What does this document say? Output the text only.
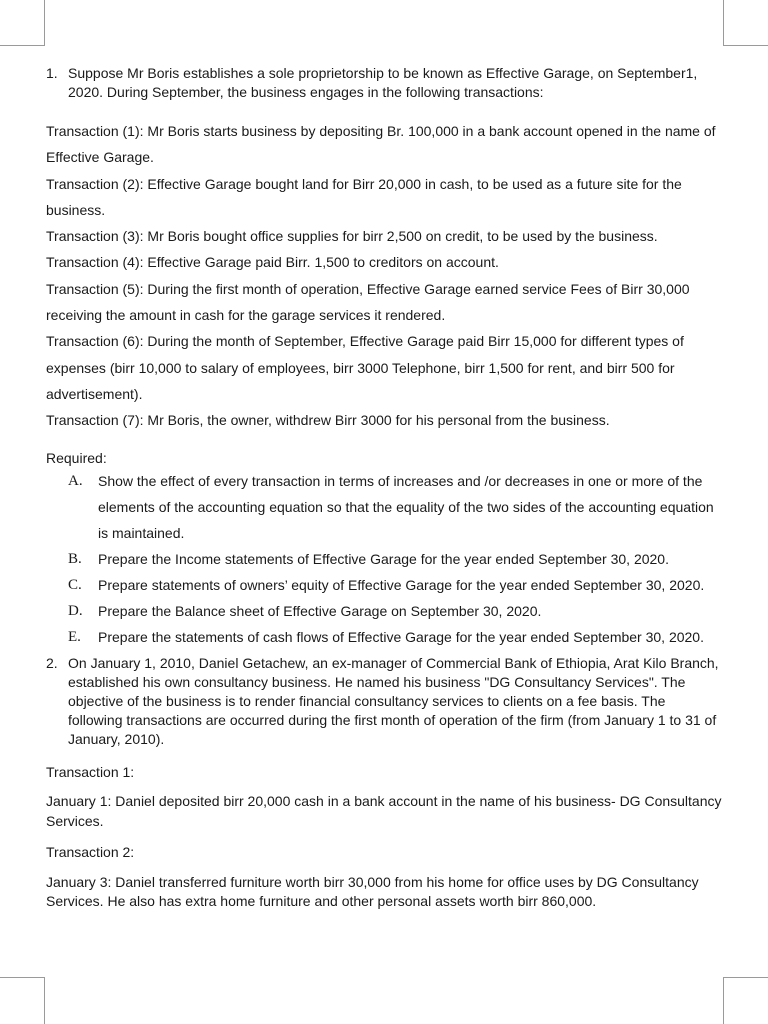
1. Suppose Mr Boris establishes a sole proprietorship to be known as Effective Garage, on September1, 2020. During September, the business engages in the following transactions:
Transaction (1): Mr Boris starts business by depositing Br. 100,000 in a bank account opened in the name of Effective Garage.
Transaction (2): Effective Garage bought land for Birr 20,000 in cash, to be used as a future site for the business.
Transaction (3): Mr Boris bought office supplies for birr 2,500 on credit, to be used by the business.
Transaction (4): Effective Garage paid Birr. 1,500 to creditors on account.
Transaction (5): During the first month of operation, Effective Garage earned service Fees of Birr 30,000 receiving the amount in cash for the garage services it rendered.
Transaction (6): During the month of September, Effective Garage paid Birr 15,000 for different types of expenses (birr 10,000 to salary of employees, birr 3000 Telephone, birr 1,500 for rent, and birr 500 for advertisement).
Transaction (7): Mr Boris, the owner, withdrew Birr 3000 for his personal from the business.
Required:
A.	Show the effect of every transaction in terms of increases and /or decreases in one or more of the elements of the accounting equation so that the equality of the two sides of the accounting equation is maintained.
B.	Prepare the Income statements of Effective Garage for the year ended September 30, 2020.
C.	Prepare statements of owners’ equity of Effective Garage for the year ended September 30, 2020.
D.	Prepare the Balance sheet of Effective Garage on September 30, 2020.
E.	Prepare the statements of cash flows of Effective Garage for the year ended September 30, 2020.
2. On January 1, 2010, Daniel Getachew, an ex-manager of Commercial Bank of Ethiopia, Arat Kilo Branch, established his own consultancy business. He named his business "DG Consultancy Services". The objective of the business is to render financial consultancy services to clients on a fee basis. The following transactions are occurred during the first month of operation of the firm (from January 1 to 31 of January, 2010).
Transaction 1:
January 1: Daniel deposited birr 20,000 cash in a bank account in the name of his business- DG Consultancy Services.
Transaction 2:
January 3: Daniel transferred furniture worth birr 30,000 from his home for office uses by DG Consultancy Services. He also has extra home furniture and other personal assets worth birr 860,000.
